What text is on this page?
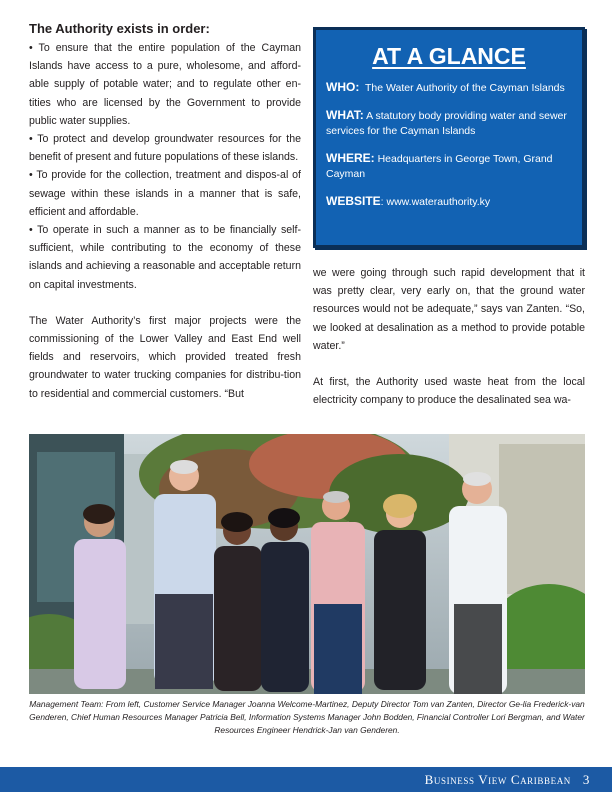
The Authority exists in order:

• To ensure that the entire population of the Cayman Islands have access to a pure, wholesome, and afford-able supply of potable water; and to regulate other en-tities who are licensed by the Government to provide public water supplies.

• To protect and develop groundwater resources for the benefit of present and future populations of these islands.

• To provide for the collection, treatment and dispos-al of sewage within these islands in a manner that is safe, efficient and affordable.

• To operate in such a manner as to be financially self-sufficient, while contributing to the economy of these islands and achieving a reasonable and acceptable return on capital investments.

The Water Authority’s first major projects were the commissioning of the Lower Valley and East End well fields and reservoirs, which provided treated fresh groundwater to water trucking companies for distribu-tion to residential and commercial customers. “But

AT A GLANCE
WHO: The Water Authority of the Cayman Islands
WHAT: A statutory body providing water and sewer services for the Cayman Islands
WHERE: Headquarters in George Town, Grand Cayman
WEBSITE: www.waterauthority.ky

we were going through such rapid development that it was pretty clear, very early on, that the ground water resources would not be adequate,” says van Zanten. “So, we looked at desalination as a method to provide potable water.”

At first, the Authority used waste heat from the local electricity company to produce the desalinated sea wa-

Management Team: From left, Customer Service Manager Joanna Welcome-Martinez, Deputy Director Tom van Zanten, Director Ge-lia Frederick-van Genderen, Chief Human Resources Manager Patricia Bell, Information Systems Manager John Bodden, Financial Controller Lori Bergman, and Water Resources Engineer Hendrick-Jan van Genderen.
Business View Caribbean 3
